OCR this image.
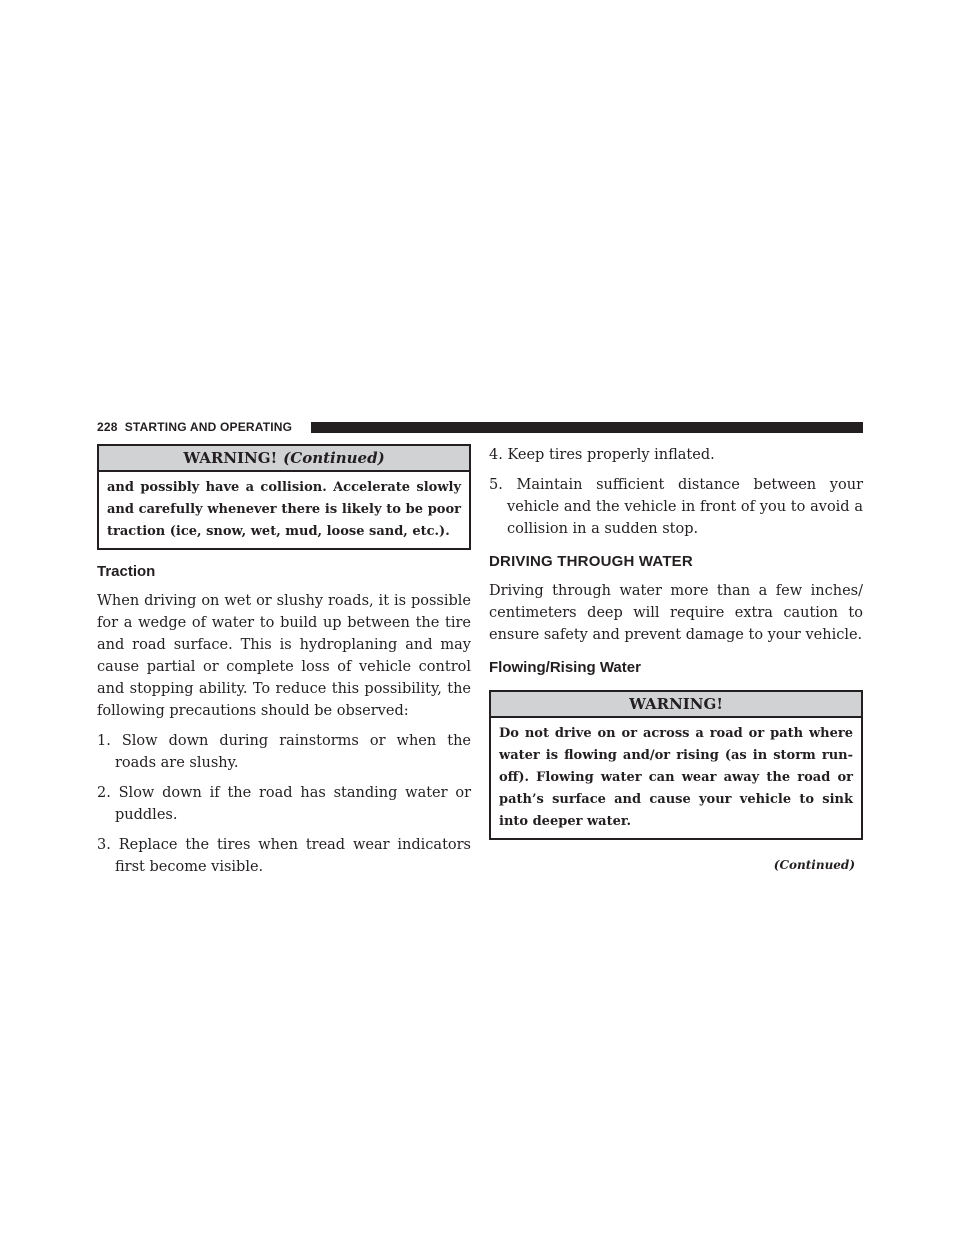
228 STARTING AND OPERATING
WARNING! (Continued)
and possibly have a collision. Accelerate slowly and carefully whenever there is likely to be poor traction (ice, snow, wet, mud, loose sand, etc.).
Traction

When driving on wet or slushy roads, it is possible for a wedge of water to build up between the tire and road surface. This is hydroplaning and may cause partial or complete loss of vehicle control and stopping ability. To reduce this possibility, the following precautions should be observed:

1. Slow down during rainstorms or when the roads are slushy.
2. Slow down if the road has standing water or puddles.
3. Replace the tires when tread wear indicators first become visible.
4. Keep tires properly inflated.
5. Maintain sufficient distance between your vehicle and the vehicle in front of you to avoid a collision in a sudden stop.
DRIVING THROUGH WATER

Driving through water more than a few inches/ centimeters deep will require extra caution to ensure safety and prevent damage to your vehicle.

Flowing/Rising Water
WARNING!
Do not drive on or across a road or path where water is flowing and/or rising (as in storm run-off). Flowing water can wear away the road or path’s surface and cause your vehicle to sink into deeper water.
(Continued)
